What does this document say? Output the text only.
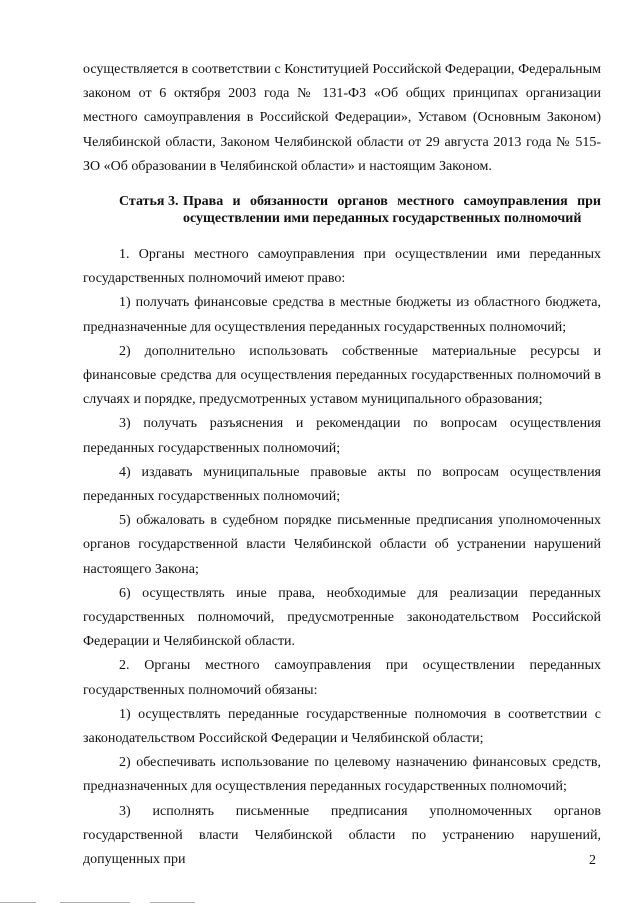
осуществляется в соответствии с Конституцией Российской Федерации, Федеральным законом от 6 октября 2003 года № 131-ФЗ «Об общих принципах организации местного самоуправления в Российской Федерации», Уставом (Основным Законом) Челябинской области, Законом Челябинской области от 29 августа 2013 года № 515-ЗО «Об образовании в Челябинской области» и настоящим Законом.

Статья 3. Права и обязанности органов местного самоуправления при осуществлении ими переданных государственных полномочий

1. Органы местного самоуправления при осуществлении ими переданных государственных полномочий имеют право:

1) получать финансовые средства в местные бюджеты из областного бюджета, предназначенные для осуществления переданных государственных полномочий;

2) дополнительно использовать собственные материальные ресурсы и финансовые средства для осуществления переданных государственных полномочий в случаях и порядке, предусмотренных уставом муниципального образования;

3) получать разъяснения и рекомендации по вопросам осуществления переданных государственных полномочий;

4) издавать муниципальные правовые акты по вопросам осуществления переданных государственных полномочий;

5) обжаловать в судебном порядке письменные предписания уполномоченных органов государственной власти Челябинской области об устранении нарушений настоящего Закона;

6) осуществлять иные права, необходимые для реализации переданных государственных полномочий, предусмотренные законодательством Российской Федерации и Челябинской области.

2. Органы местного самоуправления при осуществлении переданных государственных полномочий обязаны:

1) осуществлять переданные государственные полномочия в соответствии с законодательством Российской Федерации и Челябинской области;

2) обеспечивать использование по целевому назначению финансовых средств, предназначенных для осуществления переданных государственных полномочий;

3) исполнять письменные предписания уполномоченных органов государственной власти Челябинской области по устранению нарушений, допущенных при	2
